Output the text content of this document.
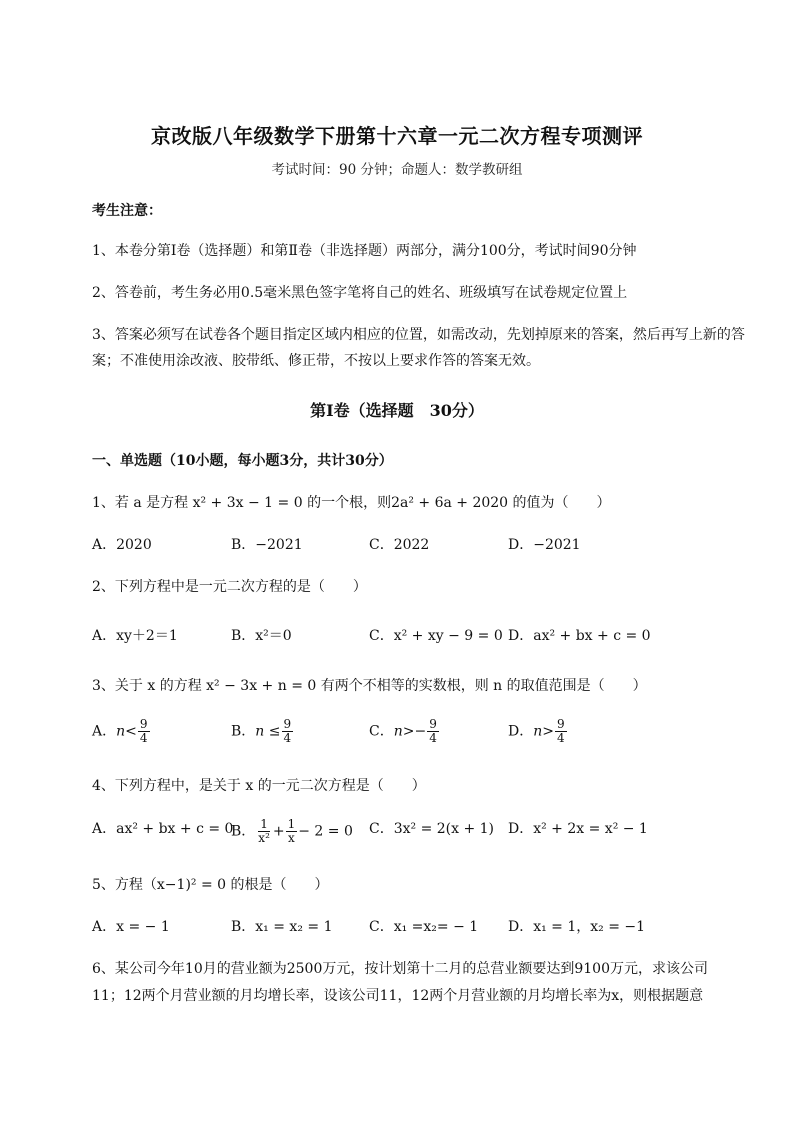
京改版八年级数学下册第十六章一元二次方程专项测评
考试时间：90 分钟；命题人：数学教研组
考生注意：
1、本卷分第Ⅰ卷（选择题）和第Ⅱ卷（非选择题）两部分，满分100分，考试时间90分钟
2、答卷前，考生务必用0.5毫米黑色签字笔将自己的姓名、班级填写在试卷规定位置上
3、答案必须写在试卷各个题目指定区域内相应的位置，如需改动，先划掉原来的答案，然后再写上新的答案；不准使用涂改液、胶带纸、修正带，不按以上要求作答的答案无效。
第Ⅰ卷（选择题　30分）
一、单选题（10小题，每小题3分，共计30分）
1、若 a 是方程 x² + 3x − 1 = 0 的一个根，则2a² + 6a + 2020 的值为（　　）
A．2020	B．−2021	C．2022	D．−2021
2、下列方程中是一元二次方程的是（　　）
A．xy＋2＝1	B．x²＝0	C．x² + xy − 9 = 0 D．ax² + bx + c = 0
3、关于 x 的方程 x² − 3x + n = 0 有两个不相等的实数根，则 n 的取值范围是（　　）
A．$n< \frac{9}{4}$	B．$n \le \frac{9}{4}$	C．$n>- \frac{9}{4}$	D．$n> \frac{9}{4}$
4、下列方程中，是关于 x 的一元二次方程是（　　）
A．ax² + bx + c = 0
B． $\frac{1}{\text{x²}} + \frac{1}{x} - 2 = 0$ C．3x² = 2(x + 1) D．x² + 2x = x² − 1
5、方程（x−1)² = 0 的根是（　　）
A．x = − 1	B．x₁ = x₂ = 1	C．x₁ =x₂= − 1 D．x₁ = 1，x₂ = −1
6、某公司今年10月的营业额为2500万元，按计划第十二月的总营业额要达到9100万元，求该公司
11；12两个月营业额的月均增长率，设该公司11，12两个月营业额的月均增长率为x，则根据题意
